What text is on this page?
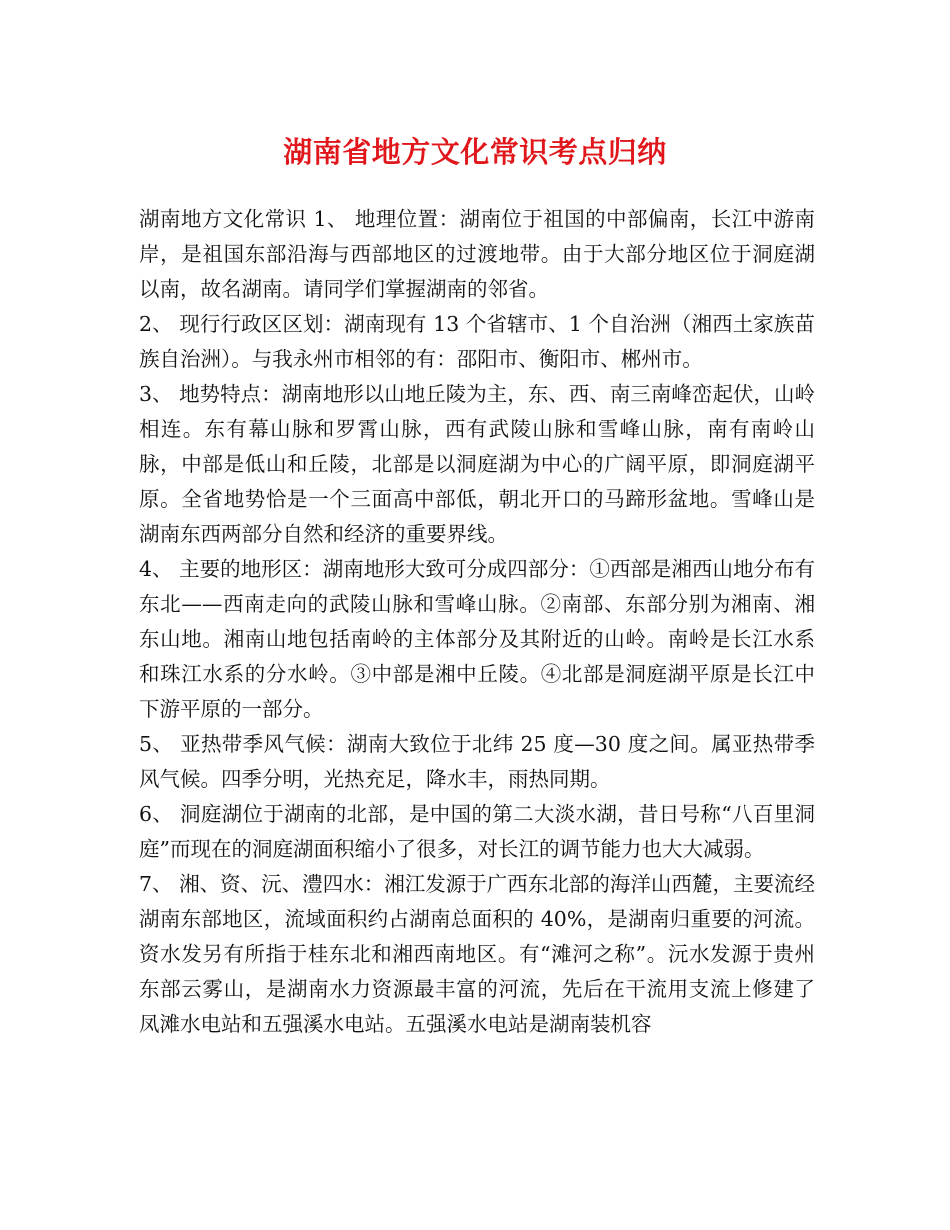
湖南省地方文化常识考点归纳

湖南地方文化常识 1、 地理位置：湖南位于祖国的中部偏南，长江中游南岸，是祖国东部沿海与西部地区的过渡地带。由于大部分地区位于洞庭湖以南，故名湖南。请同学们掌握湖南的邻省。

2、 现行行政区区划：湖南现有 13 个省辖市、1 个自治洲（湘西土家族苗族自治洲）。与我永州市相邻的有：邵阳市、衡阳市、郴州市。

3、 地势特点：湖南地形以山地丘陵为主，东、西、南三南峰峦起伏，山岭相连。东有幕山脉和罗霄山脉，西有武陵山脉和雪峰山脉，南有南岭山脉，中部是低山和丘陵，北部是以洞庭湖为中心的广阔平原，即洞庭湖平原。全省地势恰是一个三面高中部低，朝北开口的马蹄形盆地。雪峰山是湖南东西两部分自然和经济的重要界线。

4、 主要的地形区：湖南地形大致可分成四部分：①西部是湘西山地分布有东北——西南走向的武陵山脉和雪峰山脉。②南部、东部分别为湘南、湘东山地。湘南山地包括南岭的主体部分及其附近的山岭。南岭是长江水系和珠江水系的分水岭。③中部是湘中丘陵。④北部是洞庭湖平原是长江中下游平原的一部分。

5、 亚热带季风气候：湖南大致位于北纬 25 度—30 度之间。属亚热带季风气候。四季分明，光热充足，降水丰，雨热同期。

6、 洞庭湖位于湖南的北部，是中国的第二大淡水湖，昔日号称“八百里洞庭”而现在的洞庭湖面积缩小了很多，对长江的调节能力也大大减弱。

7、 湘、资、沅、澧四水：湘江发源于广西东北部的海洋山西麓，主要流经湖南东部地区，流域面积约占湖南总面积的 40%，是湖南归重要的河流。资水发另有所指于桂东北和湘西南地区。有“滩河之称”。沅水发源于贵州东部云雾山，是湖南水力资源最丰富的河流，先后在干流用支流上修建了凤滩水电站和五强溪水电站。五强溪水电站是湖南装机容
